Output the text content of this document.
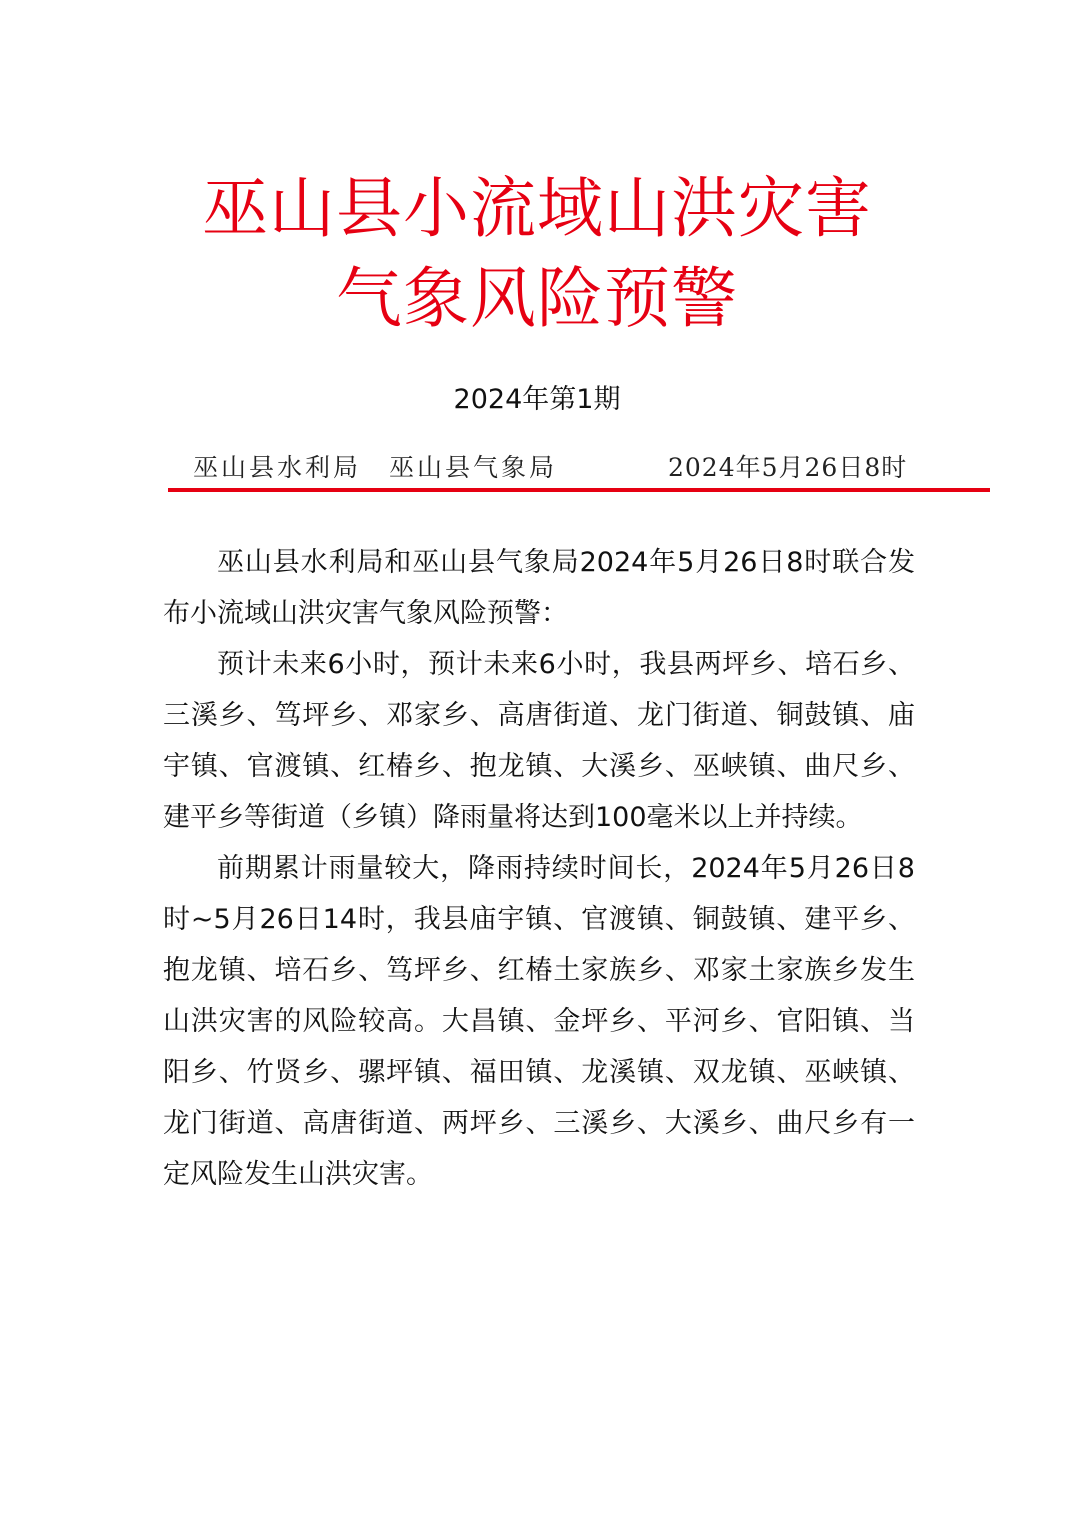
巫山县小流域山洪灾害
气象风险预警
2024年第1期
巫山县水利局 巫山县气象局	2024年5月26日8时

巫山县水利局和巫山县气象局2024年5月26日8时联合发布小流域山洪灾害气象风险预警：

预计未来6小时，预计未来6小时，我县两坪乡、培石乡、三溪乡、笃坪乡、邓家乡、高唐街道、龙门街道、铜鼓镇、庙宇镇、官渡镇、红椿乡、抱龙镇、大溪乡、巫峡镇、曲尺乡、建平乡等街道（乡镇）降雨量将达到100毫米以上并持续。

前期累计雨量较大，降雨持续时间长，2024年5月26日8时~5月26日14时，我县庙宇镇、官渡镇、铜鼓镇、建平乡、抱龙镇、培石乡、笃坪乡、红椿土家族乡、邓家土家族乡发生山洪灾害的风险较高。大昌镇、金坪乡、平河乡、官阳镇、当阳乡、竹贤乡、骡坪镇、福田镇、龙溪镇、双龙镇、巫峡镇、龙门街道、高唐街道、两坪乡、三溪乡、大溪乡、曲尺乡有一定风险发生山洪灾害。
